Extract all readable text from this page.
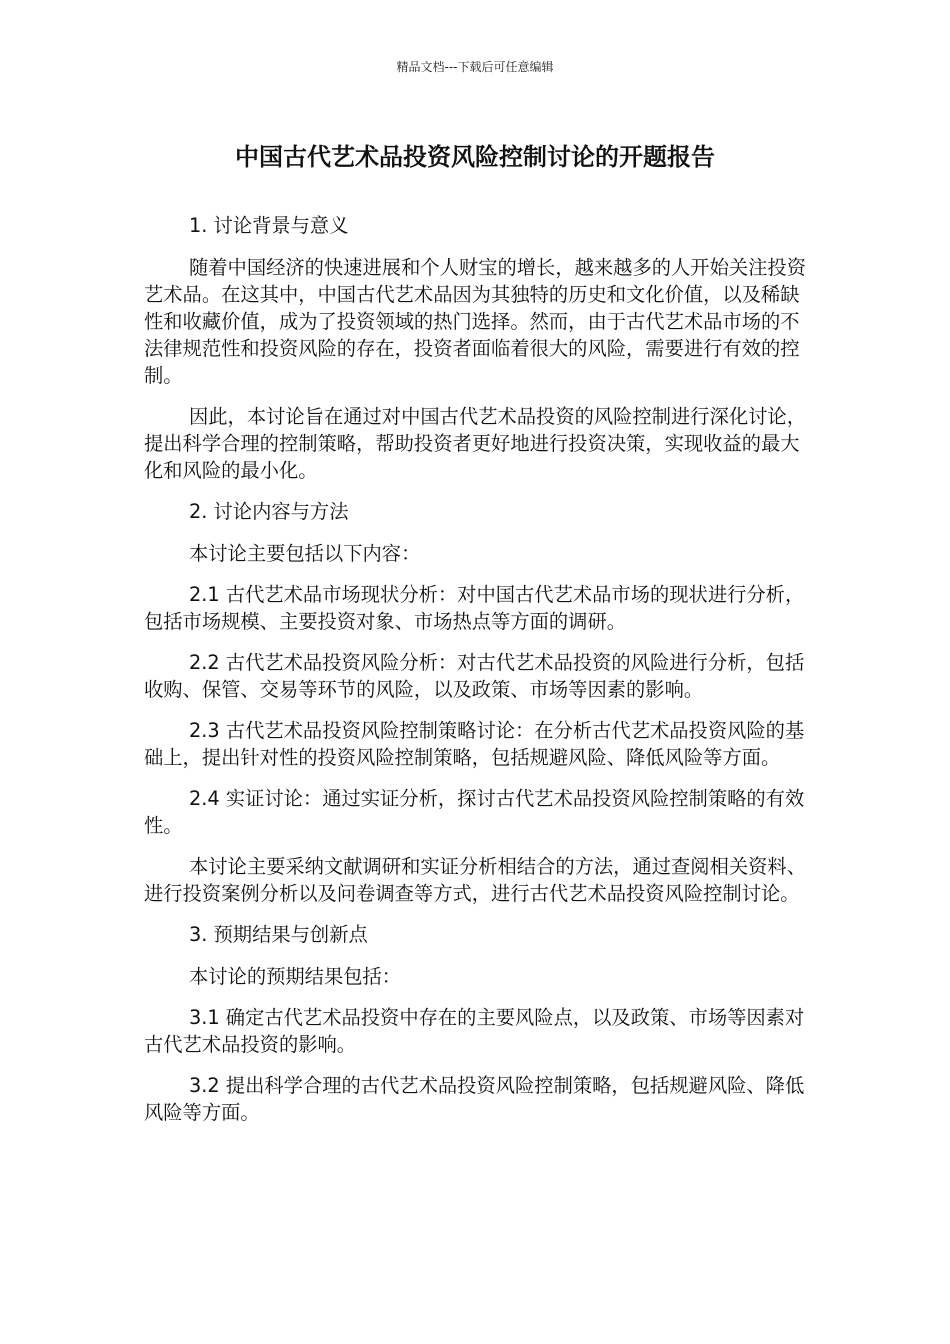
精品文档---下载后可任意编辑
中国古代艺术品投资风险控制讨论的开题报告

1. 讨论背景与意义

随着中国经济的快速进展和个人财宝的增长，越来越多的人开始关注投资艺术品。在这其中，中国古代艺术品因为其独特的历史和文化价值，以及稀缺性和收藏价值，成为了投资领域的热门选择。然而，由于古代艺术品市场的不法律规范性和投资风险的存在，投资者面临着很大的风险，需要进行有效的控制。

因此，本讨论旨在通过对中国古代艺术品投资的风险控制进行深化讨论，提出科学合理的控制策略，帮助投资者更好地进行投资决策，实现收益的最大化和风险的最小化。

2. 讨论内容与方法

本讨论主要包括以下内容：

2.1 古代艺术品市场现状分析：对中国古代艺术品市场的现状进行分析，包括市场规模、主要投资对象、市场热点等方面的调研。

2.2 古代艺术品投资风险分析：对古代艺术品投资的风险进行分析，包括收购、保管、交易等环节的风险，以及政策、市场等因素的影响。

2.3 古代艺术品投资风险控制策略讨论：在分析古代艺术品投资风险的基础上，提出针对性的投资风险控制策略，包括规避风险、降低风险等方面。

2.4 实证讨论：通过实证分析，探讨古代艺术品投资风险控制策略的有效性。

本讨论主要采纳文献调研和实证分析相结合的方法，通过查阅相关资料、进行投资案例分析以及问卷调查等方式，进行古代艺术品投资风险控制讨论。

3. 预期结果与创新点

本讨论的预期结果包括：

3.1 确定古代艺术品投资中存在的主要风险点，以及政策、市场等因素对古代艺术品投资的影响。

3.2 提出科学合理的古代艺术品投资风险控制策略，包括规避风险、降低风险等方面。
